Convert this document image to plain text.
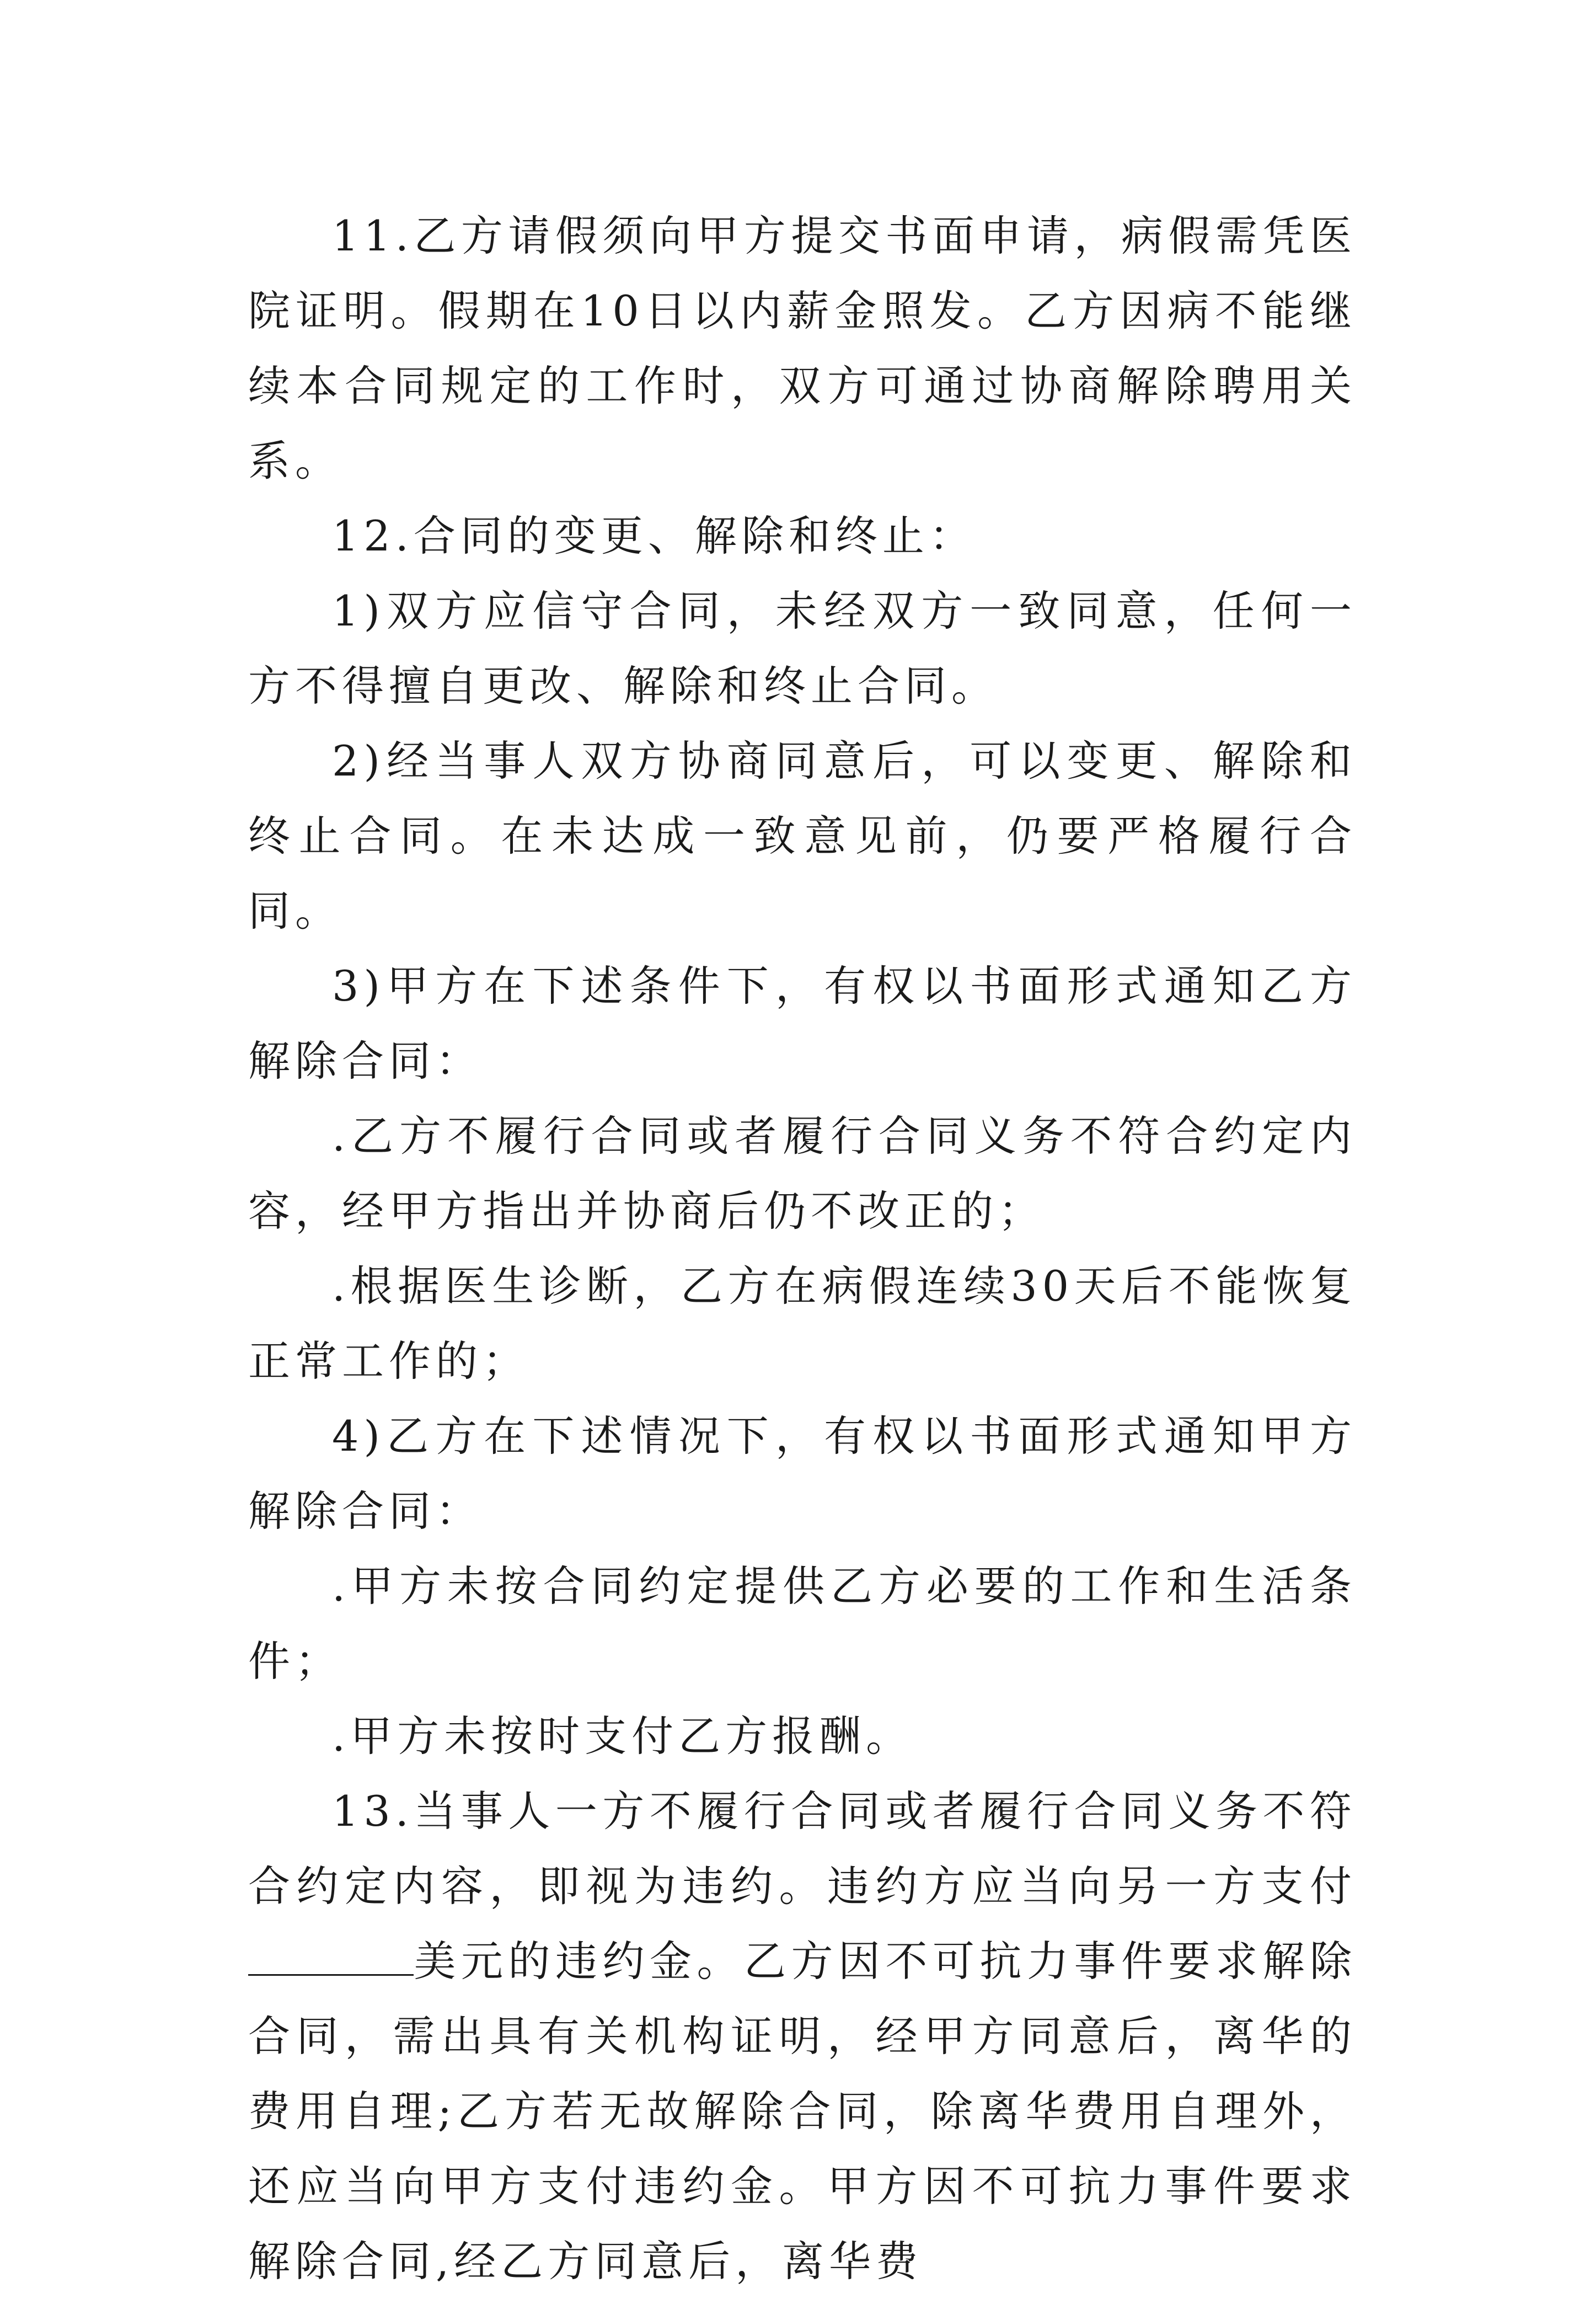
11.乙方请假须向甲方提交书面申请，病假需凭医院证明。假期在10日以内薪金照发。乙方因病不能继续本合同规定的工作时，双方可通过协商解除聘用关系。

12.合同的变更、解除和终止：

1)双方应信守合同，未经双方一致同意，任何一方不得擅自更改、解除和终止合同。

2)经当事人双方协商同意后，可以变更、解除和终止合同。在未达成一致意见前，仍要严格履行合同。

3)甲方在下述条件下，有权以书面形式通知乙方解除合同：

.乙方不履行合同或者履行合同义务不符合约定内容，经甲方指出并协商后仍不改正的；

.根据医生诊断，乙方在病假连续30天后不能恢复正常工作的；

4)乙方在下述情况下，有权以书面形式通知甲方解除合同：

.甲方未按合同约定提供乙方必要的工作和生活条件；

.甲方未按时支付乙方报酬。

13.当事人一方不履行合同或者履行合同义务不符合约定内容，即视为违约。违约方应当向另一方支付美元的违约金。乙方因不可抗力事件要求解除合同，需出具有关机构证明，经甲方同意后，离华的费用自理;乙方若无故解除合同，除离华费用自理外，还应当向甲方支付违约金。甲方因不可抗力事件要求解除合同,经乙方同意后，离华费
